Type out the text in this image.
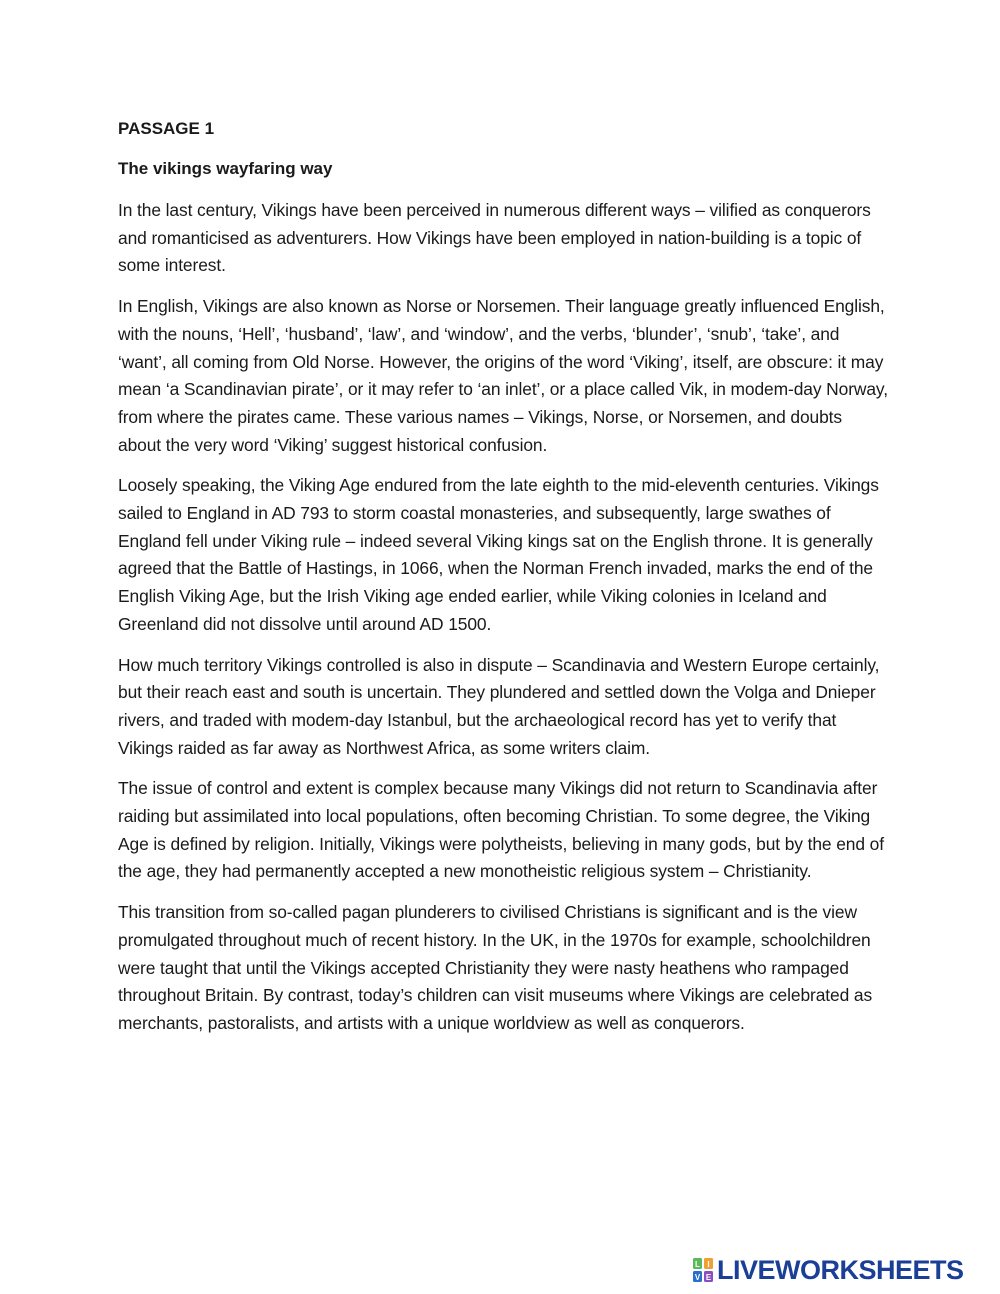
PASSAGE 1

The vikings wayfaring way

In the last century, Vikings have been perceived in numerous different ways – vilified as conquerors and romanticised as adventurers. How Vikings have been employed in nation-building is a topic of some interest.

In English, Vikings are also known as Norse or Norsemen. Their language greatly influenced English, with the nouns, ‘Hell’, ‘husband’, ‘law’, and ‘window’, and the verbs, ‘blunder’, ‘snub’, ‘take’, and ‘want’, all coming from Old Norse. However, the origins of the word ‘Viking’, itself, are obscure: it may mean ‘a Scandinavian pirate’, or it may refer to ‘an inlet’, or a place called Vik, in modem-day Norway, from where the pirates came. These various names – Vikings, Norse, or Norsemen, and doubts about the very word ‘Viking’ suggest historical confusion.

Loosely speaking, the Viking Age endured from the late eighth to the mid-eleventh centuries. Vikings sailed to England in AD 793 to storm coastal monasteries, and subsequently, large swathes of England fell under Viking rule – indeed several Viking kings sat on the English throne. It is generally agreed that the Battle of Hastings, in 1066, when the Norman French invaded, marks the end of the English Viking Age, but the Irish Viking age ended earlier, while Viking colonies in Iceland and Greenland did not dissolve until around AD 1500.

How much territory Vikings controlled is also in dispute – Scandinavia and Western Europe certainly, but their reach east and south is uncertain. They plundered and settled down the Volga and Dnieper rivers, and traded with modem-day Istanbul, but the archaeological record has yet to verify that Vikings raided as far away as Northwest Africa, as some writers claim.

The issue of control and extent is complex because many Vikings did not return to Scandinavia after raiding but assimilated into local populations, often becoming Christian. To some degree, the Viking Age is defined by religion. Initially, Vikings were polytheists, believing in many gods, but by the end of the age, they had permanently accepted a new monotheistic religious system – Christianity.

This transition from so-called pagan plunderers to civilised Christians is significant and is the view promulgated throughout much of recent history. In the UK, in the 1970s for example, schoolchildren were taught that until the Vikings accepted Christianity they were nasty heathens who rampaged throughout Britain. By contrast, today’s children can visit museums where Vikings are celebrated as merchants, pastoralists, and artists with a unique worldview as well as conquerors.

L I
V E LIVEWORKSHEETS
